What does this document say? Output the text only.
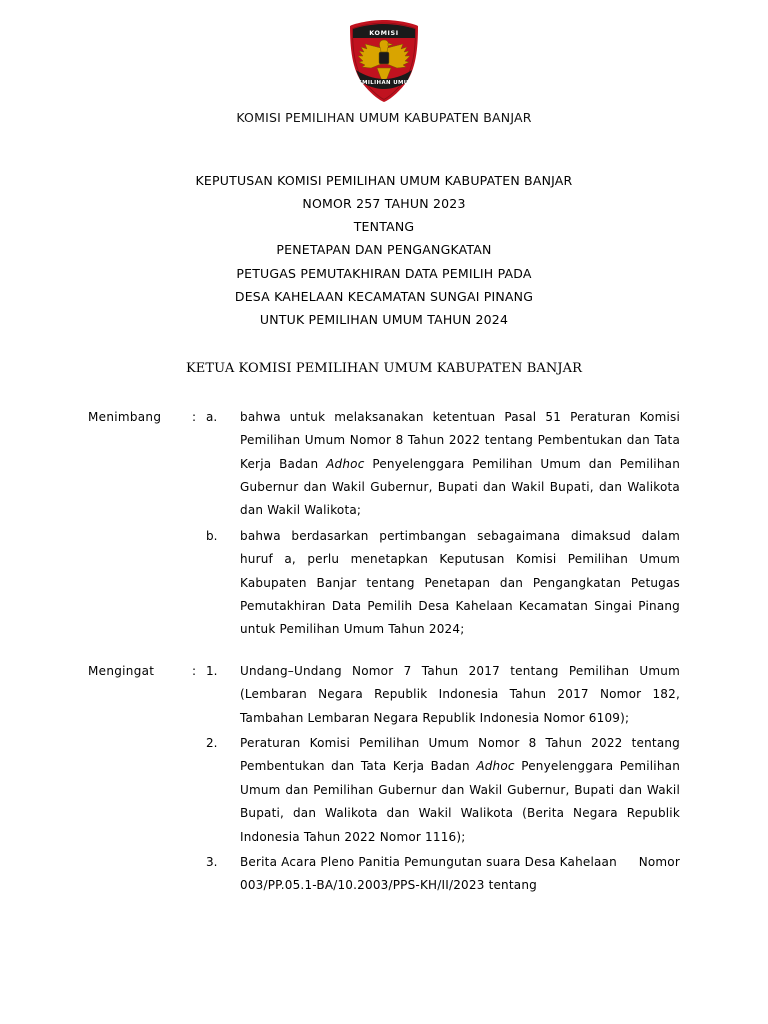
KOMISI
PEMILIHAN UMUM
KOMISI PEMILIHAN UMUM KABUPATEN BANJAR
KEPUTUSAN KOMISI PEMILIHAN UMUM KABUPATEN BANJAR
NOMOR 257 TAHUN 2023
TENTANG
PENETAPAN DAN PENGANGKATAN
PETUGAS PEMUTAKHIRAN DATA PEMILIH PADA
DESA KAHELAAN KECAMATAN SUNGAI PINANG
UNTUK PEMILIHAN UMUM TAHUN 2024
KETUA KOMISI PEMILIHAN UMUM KABUPATEN BANJAR
Menimbang	: a.	bahwa untuk melaksanakan ketentuan Pasal 51 Peraturan Komisi Pemilihan Umum Nomor 8 Tahun 2022 tentang Pembentukan dan Tata Kerja Badan Adhoc Penyelenggara Pemilihan Umum dan Pemilihan Gubernur dan Wakil Gubernur, Bupati dan Wakil Bupati, dan Walikota dan Wakil Walikota;
b.	bahwa berdasarkan pertimbangan sebagaimana dimaksud dalam huruf a, perlu menetapkan Keputusan Komisi Pemilihan Umum Kabupaten Banjar tentang Penetapan dan Pengangkatan Petugas Pemutakhiran Data Pemilih Desa Kahelaan Kecamatan Singai Pinang untuk Pemilihan Umum Tahun 2024;
Mengingat	: 1.	Undang–Undang Nomor 7 Tahun 2017 tentang Pemilihan Umum (Lembaran Negara Republik Indonesia Tahun 2017 Nomor 182, Tambahan Lembaran Negara Republik Indonesia Nomor 6109);
2.	Peraturan Komisi Pemilihan Umum Nomor 8 Tahun 2022 tentang Pembentukan dan Tata Kerja Badan Adhoc Penyelenggara Pemilihan Umum dan Pemilihan Gubernur dan Wakil Gubernur, Bupati dan Wakil Bupati, dan Walikota dan Wakil Walikota (Berita Negara Republik Indonesia Tahun 2022 Nomor 1116);
3.	Berita Acara Pleno Panitia Pemungutan suara Desa Kahelaan Nomor
003/PP.05.1-BA/10.2003/PPS-KH/II/2023 tentang
